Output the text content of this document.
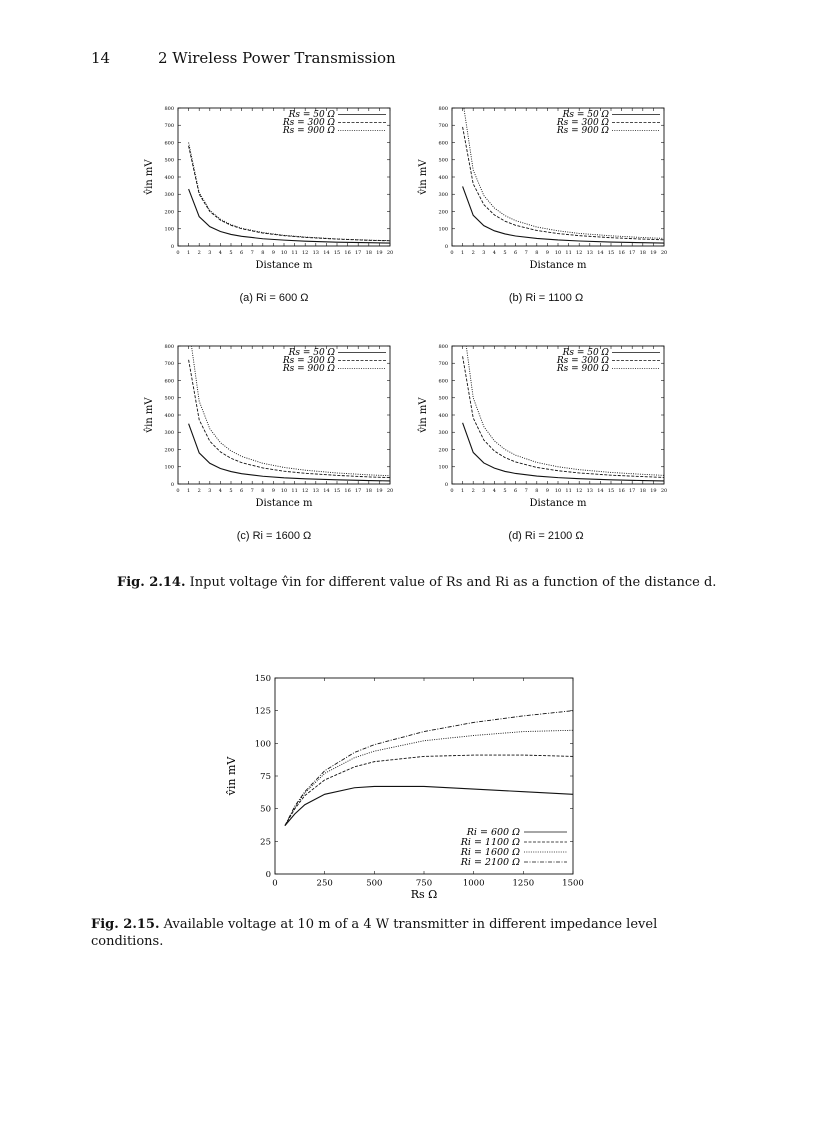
14	2 Wireless Power Transmission
0
100
200
300
400
500
600
700
800
0 1 2 3 4 5 6 7 8 9 10 11 12 13 14 15 16 17 18 19 20
Rs = 50 Ω
Rs = 300 Ω
Rs = 900 Ω
Distance m
v̂in mV
(a) Ri = 600 Ω
0
100
200
300
400
500
600
700
800
0 1 2 3 4 5 6 7 8 9 10 11 12 13 14 15 16 17 18 19 20
Rs = 50 Ω
Rs = 300 Ω
Rs = 900 Ω
Distance m
v̂in mV
(b) Ri = 1100 Ω
0
100
200
300
400
500
600
700
800
0 1 2 3 4 5 6 7 8 9 10 11 12 13 14 15 16 17 18 19 20
Rs = 50 Ω
Rs = 300 Ω
Rs = 900 Ω
Distance m
v̂in mV
(c) Ri = 1600 Ω
0
100
200
300
400
500
600
700
800
0 1 2 3 4 5 6 7 8 9 10 11 12 13 14 15 16 17 18 19 20
Rs = 50 Ω
Rs = 300 Ω
Rs = 900 Ω
Distance m
v̂in mV
(d) Ri = 2100 Ω
Fig. 2.14. Input voltage v̂in for different value of Rs and Ri as a function of the distance d.
0
25
50
75
100
125
150
0	250	500	750	1000	1250	1500
Ri = 600 Ω
Ri = 1100 Ω
Ri = 1600 Ω
Ri = 2100 Ω
Rs Ω
v̂in mV
Fig. 2.15. Available voltage at 10 m of a 4 W transmitter in different impedance level conditions.
